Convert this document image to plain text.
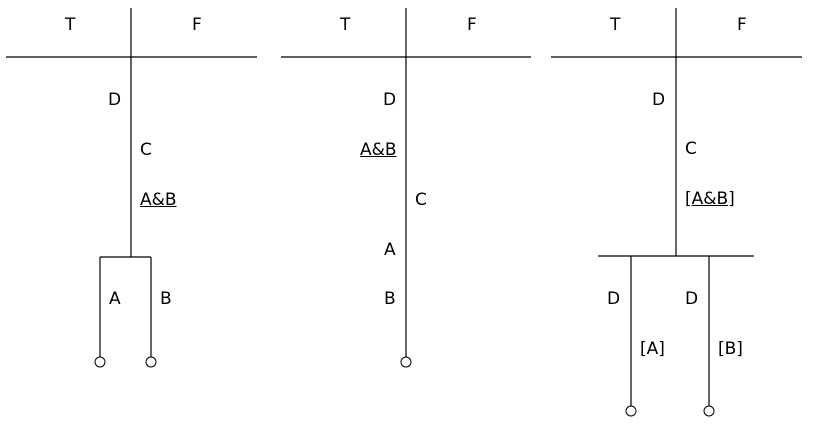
T	F
D
C
A&B
A B
T	F
D
A&B
C
A
B
T	F
D
C
[A&B]
D
[A]
D
[B]
